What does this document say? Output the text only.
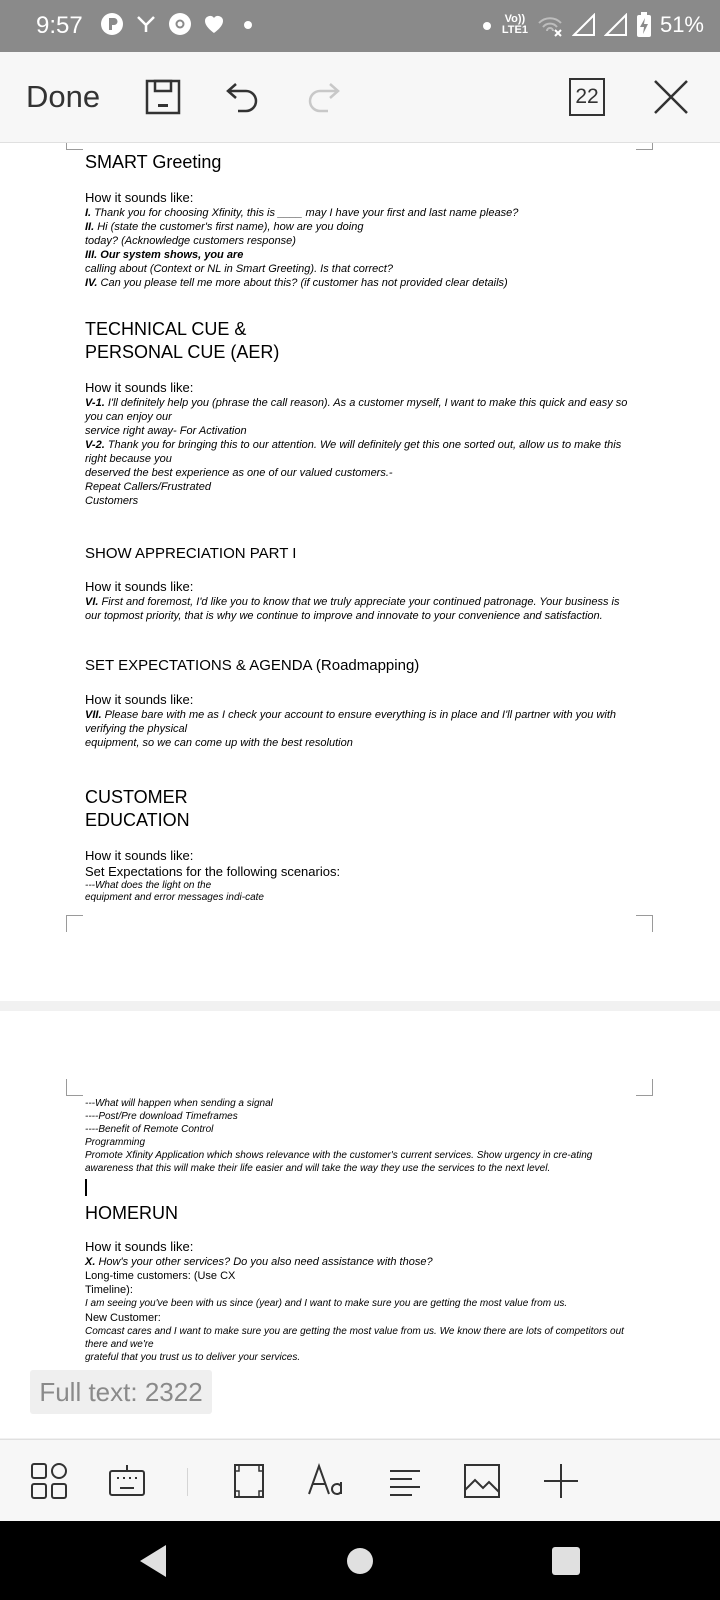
9:57	Vo))
LTE1	51%
Done	22

SMART Greeting

How it sounds like:

I. Thank you for choosing Xfinity, this is ____ may I have your first and last name please?

II. Hi (state the customer's first name), how are you doing

today? (Acknowledge customers response)

III. Our system shows, you are

calling about (Context or NL in Smart Greeting). Is that correct?

IV. Can you please tell me more about this? (if customer has not provided clear details)

TECHNICAL CUE &

PERSONAL CUE (AER)

How it sounds like:

V-1. I'll definitely help you (phrase the call reason). As a customer myself, I want to make this quick and easy so you can enjoy our

service right away- For Activation

V-2. Thank you for bringing this to our attention. We will definitely get this one sorted out, allow us to make this right because you

deserved the best experience as one of our valued customers.-

Repeat Callers/Frustrated

Customers

SHOW APPRECIATION PART I

How it sounds like:

VI. First and foremost, I'd like you to know that we truly appreciate your continued patronage. Your business is our topmost priority, that is why we continue to improve and innovate to your convenience and satisfaction.

SET EXPECTATIONS & AGENDA (Roadmapping)

How it sounds like:

VII. Please bare with me as I check your account to ensure everything is in place and I'll partner with you with verifying the physical

equipment, so we can come up with the best resolution

CUSTOMER

EDUCATION

How it sounds like:

Set Expectations for the following scenarios:

---What does the light on the

equipment and error messages indi-cate

---What will happen when sending a signal

----Post/Pre download Timeframes

----Benefit of Remote Control

Programming

Promote Xfinity Application which shows relevance with the customer's current services. Show urgency in cre-ating awareness that this will make their life easier and will take the way they use the services to the next level.

HOMERUN

How it sounds like:

X. How's your other services? Do you also need assistance with those?

Long-time customers: (Use CX

Timeline):

I am seeing you've been with us since (year) and I want to make sure you are getting the most value from us.

New Customer:

Comcast cares and I want to make sure you are getting the most value from us. We know there are lots of competitors out there and we're

grateful that you trust us to deliver your services.

Full text: 2322
